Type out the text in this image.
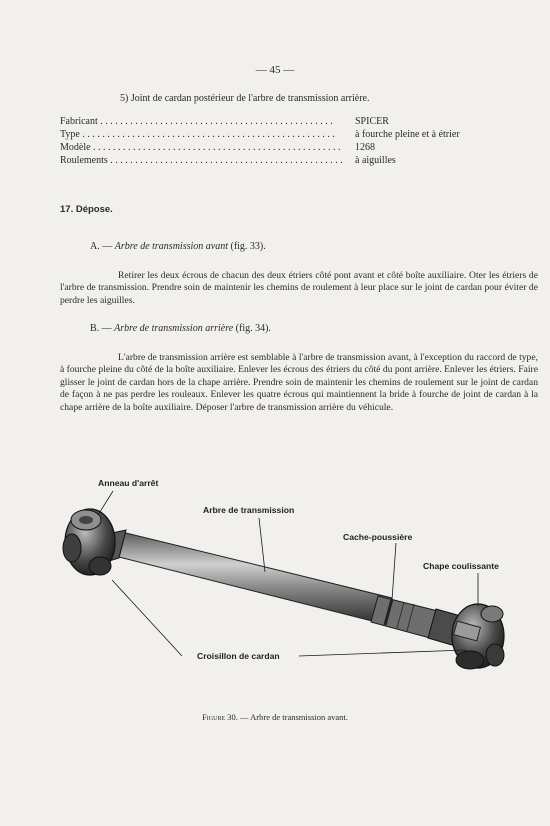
— 45 —
5) Joint de cardan postérieur de l'arbre de transmission arrière.
Fabricant . . . . . . . . . . . . . . . . . . . . . . . . . . . . . . . . . . . . . . . . . . . . . . .	SPICER
Type . . . . . . . . . . . . . . . . . . . . . . . . . . . . . . . . . . . . . . . . . . . . . . . . . . .	à fourche pleine et à étrier
Modèle . . . . . . . . . . . . . . . . . . . . . . . . . . . . . . . . . . . . . . . . . . . . . . . . . .	1268
Roulements . . . . . . . . . . . . . . . . . . . . . . . . . . . . . . . . . . . . . . . . . . . . . . .	à aiguilles
17. Dépose.
A. — Arbre de transmission avant (fig. 33).
Retirer les deux écrous de chacun des deux étriers côté pont avant et côté boîte auxiliaire. Oter les étriers de l'arbre de transmission. Prendre soin de maintenir les chemins de roulement à leur place sur le joint de cardan pour éviter de perdre les aiguilles.
B. — Arbre de transmission arrière (fig. 34).
L'arbre de transmission arrière est semblable à l'arbre de transmission avant, à l'exception du raccord de type, à fourche pleine du côté de la boîte auxiliaire. Enlever les écrous des étriers du côté du pont arrière. Enlever les étriers. Faire glisser le joint de cardan hors de la chape arrière. Prendre soin de maintenir les chemins de roulement sur le joint de cardan de façon à ne pas perdre les rouleaux. Enlever les quatre écrous qui maintiennent la bride à fourche de joint de cardan à la chape arrière de la boîte auxiliaire. Déposer l'arbre de transmission arrière du véhicule.
Anneau d'arrêt
Arbre de transmission
Cache-poussière
Chape coulissante
Croisillon de cardan
Figure 30. — Arbre de transmission avant.
